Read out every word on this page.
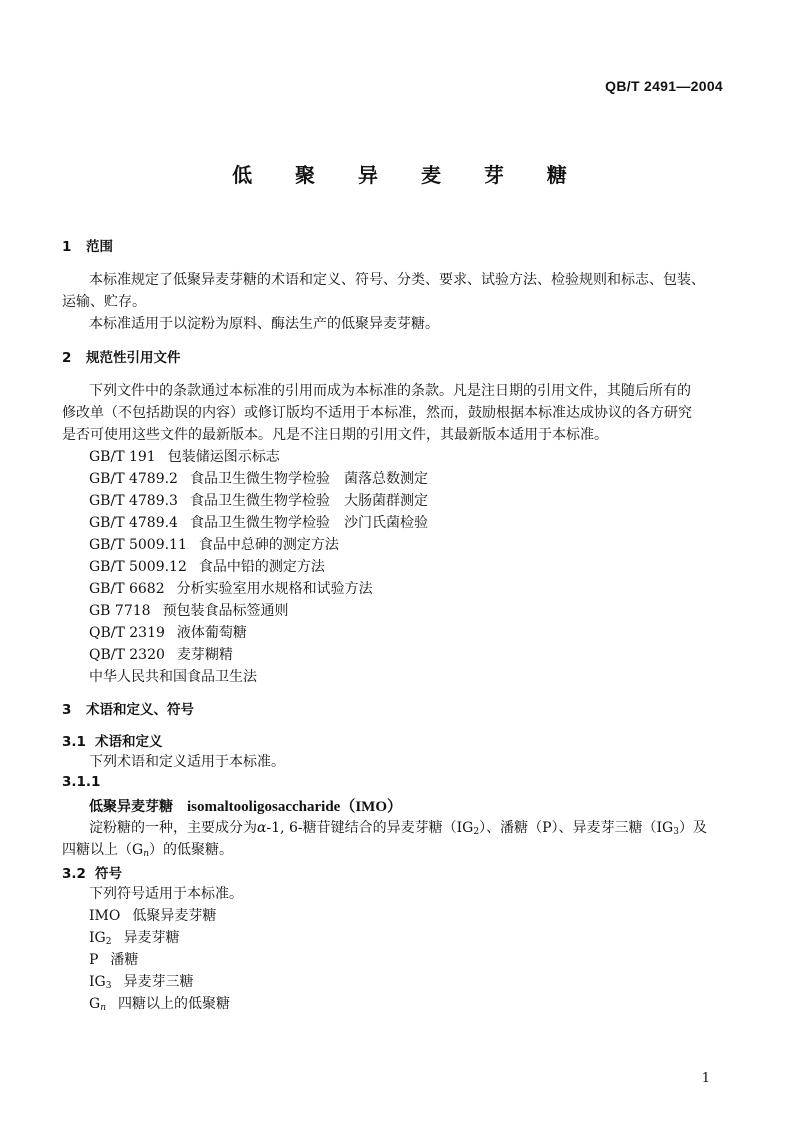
QB/T 2491—2004
低 聚 异 麦 芽 糖
1 范围
本标准规定了低聚异麦芽糖的术语和定义、符号、分类、要求、试验方法、检验规则和标志、包装、
运输、贮存。
本标准适用于以淀粉为原料、酶法生产的低聚异麦芽糖。
2 规范性引用文件
下列文件中的条款通过本标准的引用而成为本标准的条款。凡是注日期的引用文件，其随后所有的
修改单（不包括勘误的内容）或修订版均不适用于本标准，然而，鼓励根据本标准达成协议的各方研究
是否可使用这些文件的最新版本。凡是不注日期的引用文件，其最新版本适用于本标准。
GB/T 191 包装储运图示标志
GB/T 4789.2 食品卫生微生物学检验　菌落总数测定
GB/T 4789.3 食品卫生微生物学检验　大肠菌群测定
GB/T 4789.4 食品卫生微生物学检验　沙门氏菌检验
GB/T 5009.11 食品中总砷的测定方法
GB/T 5009.12 食品中铅的测定方法
GB/T 6682 分析实验室用水规格和试验方法
GB 7718 预包装食品标签通则
QB/T 2319 液体葡萄糖
QB/T 2320 麦芽糊精
中华人民共和国食品卫生法
3 术语和定义、符号
3.1 术语和定义
下列术语和定义适用于本标准。
3.1.1
低聚异麦芽糖 isomaltooligosaccharide（IMO）
淀粉糖的一种，主要成分为α-1, 6-糖苷键结合的异麦芽糖$(IG_2)$、潘糖（P）、异麦芽三糖$(IG_3)$及
四糖以上$(G_n)$的低聚糖。
3.2 符号
下列符号适用于本标准。
IMO 低聚异麦芽糖
$IG_2$ 异麦芽糖
P 潘糖
$IG_3$ 异麦芽三糖
$G_n$ 四糖以上的低聚糖
1
